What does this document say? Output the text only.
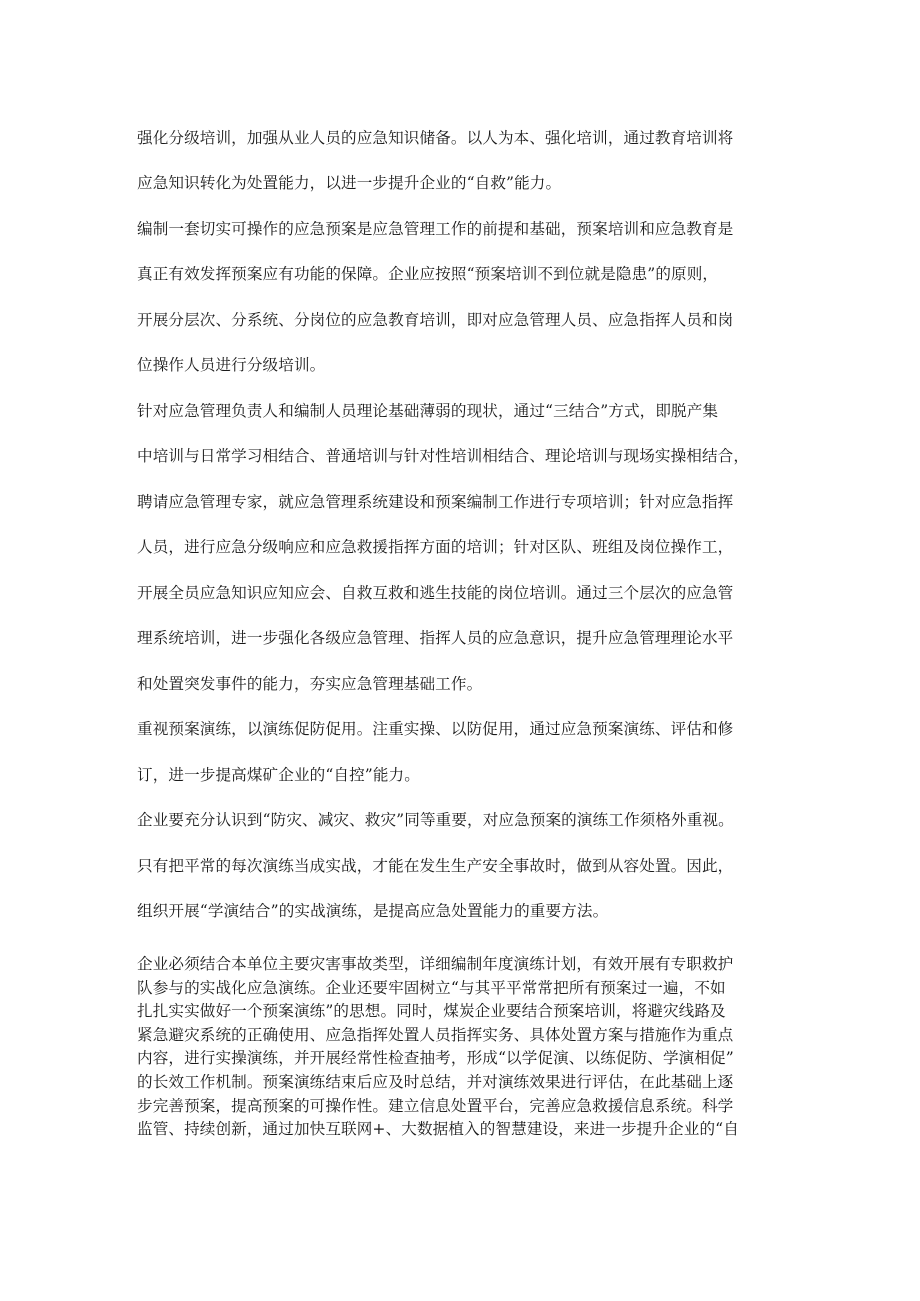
强化分级培训，加强从业人员的应急知识储备。以人为本、强化培训，通过教育培训将
应急知识转化为处置能力，以进一步提升企业的“自救”能力。
编制一套切实可操作的应急预案是应急管理工作的前提和基础，预案培训和应急教育是
真正有效发挥预案应有功能的保障。企业应按照“预案培训不到位就是隐患”的原则，
开展分层次、分系统、分岗位的应急教育培训，即对应急管理人员、应急指挥人员和岗
位操作人员进行分级培训。
针对应急管理负责人和编制人员理论基础薄弱的现状，通过“三结合”方式，即脱产集
中培训与日常学习相结合、普通培训与针对性培训相结合、理论培训与现场实操相结合，
聘请应急管理专家，就应急管理系统建设和预案编制工作进行专项培训；针对应急指挥
人员，进行应急分级响应和应急救援指挥方面的培训；针对区队、班组及岗位操作工，
开展全员应急知识应知应会、自救互救和逃生技能的岗位培训。通过三个层次的应急管
理系统培训，进一步强化各级应急管理、指挥人员的应急意识，提升应急管理理论水平
和处置突发事件的能力，夯实应急管理基础工作。
重视预案演练，以演练促防促用。注重实操、以防促用，通过应急预案演练、评估和修
订，进一步提高煤矿企业的“自控”能力。
企业要充分认识到“防灾、减灾、救灾”同等重要，对应急预案的演练工作须格外重视。
只有把平常的每次演练当成实战，才能在发生生产安全事故时，做到从容处置。因此，
组织开展“学演结合”的实战演练，是提高应急处置能力的重要方法。
企业必须结合本单位主要灾害事故类型，详细编制年度演练计划，有效开展有专职救护
队参与的实战化应急演练。企业还要牢固树立“与其平平常常把所有预案过一遍，不如
扎扎实实做好一个预案演练”的思想。同时，煤炭企业要结合预案培训，将避灾线路及
紧急避灾系统的正确使用、应急指挥处置人员指挥实务、具体处置方案与措施作为重点
内容，进行实操演练，并开展经常性检查抽考，形成“以学促演、以练促防、学演相促”
的长效工作机制。预案演练结束后应及时总结，并对演练效果进行评估，在此基础上逐
步完善预案，提高预案的可操作性。建立信息处置平台，完善应急救援信息系统。科学
监管、持续创新，通过加快互联网+、大数据植入的智慧建设，来进一步提升企业的“自
